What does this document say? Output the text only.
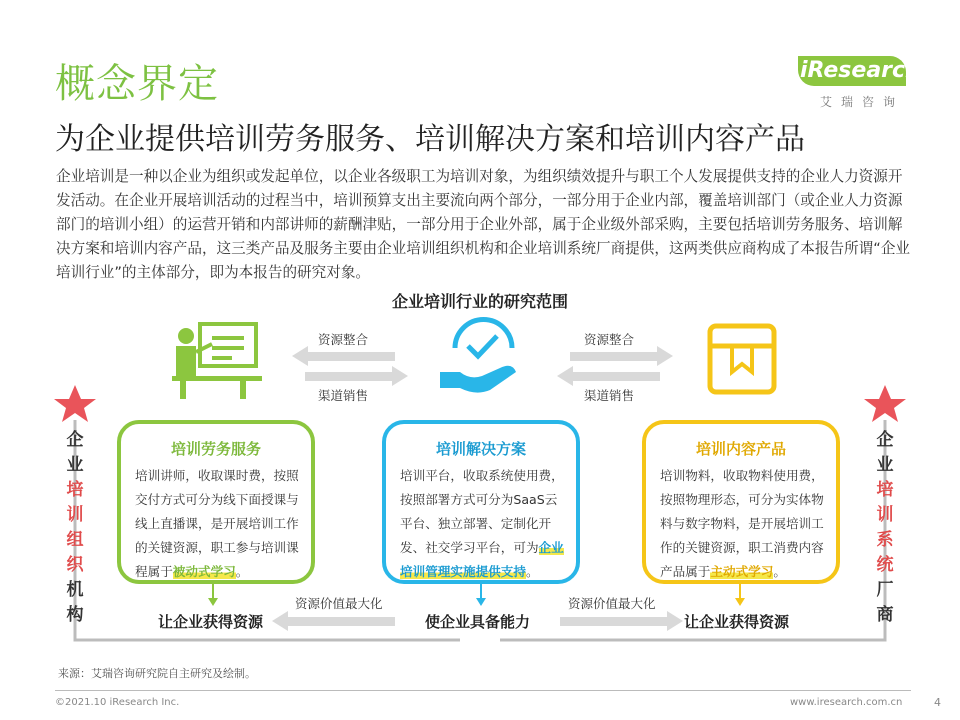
概念界定	iResearch
艾瑞咨询
为企业提供培训劳务服务、培训解决方案和培训内容产品
企业培训是一种以企业为组织或发起单位，以企业各级职工为培训对象，为组织绩效提升与职工个人发展提供支持的企业人力资源开发活动。在企业开展培训活动的过程当中，培训预算支出主要流向两个部分，一部分用于企业内部，覆盖培训部门（或企业人力资源部门的培训小组）的运营开销和内部讲师的薪酬津贴，一部分用于企业外部，属于企业级外部采购，主要包括培训劳务服务、培训解决方案和培训内容产品，这三类产品及服务主要由企业培训组织机构和企业培训系统厂商提供，这两类供应商构成了本报告所谓“企业培训行业”的主体部分，即为本报告的研究对象。
企业培训行业的研究范围
资源整合
渠道销售
资源整合
渠道销售
企
业
培
训
组
织
机
构
企
业
培
训
系
统
厂
商
培训劳务服务
培训讲师，收取课时费，按照交付方式可分为线下面授课与线上直播课，是开展培训工作的关键资源，职工参与培训课程属于被动式学习。
培训解决方案
培训平台，收取系统使用费，按照部署方式可分为SaaS云平台、独立部署、定制化开发、社交学习平台，可为企业培训管理实施提供支持。
培训内容产品
培训物料，收取物料使用费，按照物理形态，可分为实体物料与数字物料，是开展培训工作的关键资源，职工消费内容产品属于主动式学习。
让企业获得资源	使企业具备能力	让企业获得资源
资源价值最大化	资源价值最大化
来源：艾瑞咨询研究院自主研究及绘制。
©2021.10 iResearch Inc.	www.iresearch.com.cn	4
